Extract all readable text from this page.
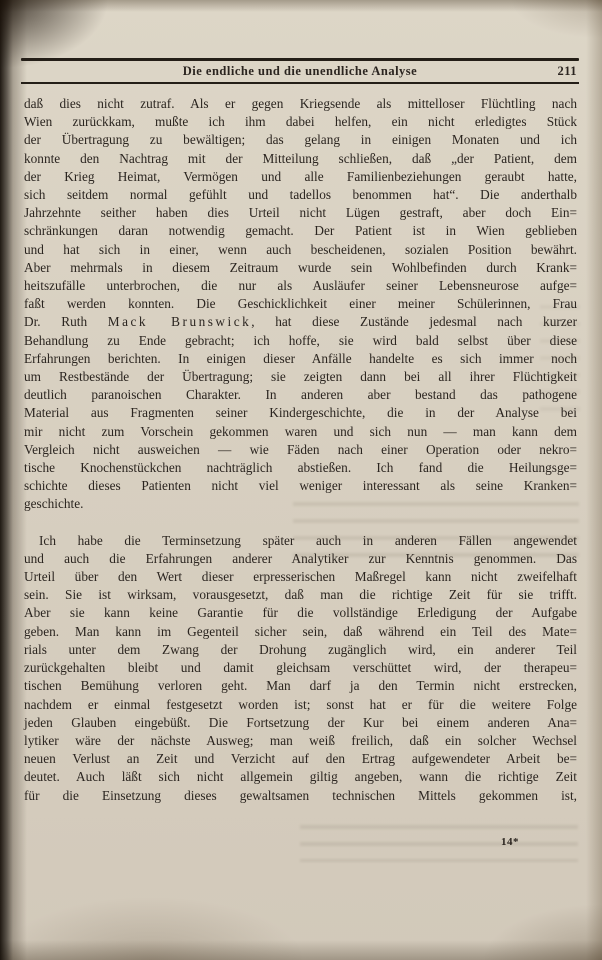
Die endliche und die unendliche Analyse	211
daß dies nicht zutraf. Als er gegen Kriegsende als mittelloser Flüchtling nach
Wien zurückkam, mußte ich ihm dabei helfen, ein nicht erledigtes Stück
der Übertragung zu bewältigen; das gelang in einigen Monaten und ich
konnte den Nachtrag mit der Mitteilung schließen, daß „der Patient, dem
der Krieg Heimat, Vermögen und alle Familienbeziehungen geraubt hatte,
sich seitdem normal gefühlt und tadellos benommen hat“. Die anderthalb
Jahrzehnte seither haben dies Urteil nicht Lügen gestraft, aber doch Ein=
schränkungen daran notwendig gemacht. Der Patient ist in Wien geblieben
und hat sich in einer, wenn auch bescheidenen, sozialen Position bewährt.
Aber mehrmals in diesem Zeitraum wurde sein Wohlbefinden durch Krank=
heitszufälle unterbrochen, die nur als Ausläufer seiner Lebensneurose aufge=
faßt werden konnten. Die Geschicklichkeit einer meiner Schülerinnen, Frau
Dr. Ruth Mack Brunswick, hat diese Zustände jedesmal nach kurzer
Behandlung zu Ende gebracht; ich hoffe, sie wird bald selbst über diese
Erfahrungen berichten. In einigen dieser Anfälle handelte es sich immer noch
um Restbestände der Übertragung; sie zeigten dann bei all ihrer Flüchtigkeit
deutlich paranoischen Charakter. In anderen aber bestand das pathogene
Material aus Fragmenten seiner Kindergeschichte, die in der Analyse bei
mir nicht zum Vorschein gekommen waren und sich nun — man kann dem
Vergleich nicht ausweichen — wie Fäden nach einer Operation oder nekro=
tische Knochenstückchen nachträglich abstießen. Ich fand die Heilungsge=
schichte dieses Patienten nicht viel weniger interessant als seine Kranken=
geschichte.
Ich habe die Terminsetzung später auch in anderen Fällen angewendet
und auch die Erfahrungen anderer Analytiker zur Kenntnis genommen. Das
Urteil über den Wert dieser erpresserischen Maßregel kann nicht zweifelhaft
sein. Sie ist wirksam, vorausgesetzt, daß man die richtige Zeit für sie trifft.
Aber sie kann keine Garantie für die vollständige Erledigung der Aufgabe
geben. Man kann im Gegenteil sicher sein, daß während ein Teil des Mate=
rials unter dem Zwang der Drohung zugänglich wird, ein anderer Teil
zurückgehalten bleibt und damit gleichsam verschüttet wird, der therapeu=
tischen Bemühung verloren geht. Man darf ja den Termin nicht erstrecken,
nachdem er einmal festgesetzt worden ist; sonst hat er für die weitere Folge
jeden Glauben eingebüßt. Die Fortsetzung der Kur bei einem anderen Ana=
lytiker wäre der nächste Ausweg; man weiß freilich, daß ein solcher Wechsel
neuen Verlust an Zeit und Verzicht auf den Ertrag aufgewendeter Arbeit be=
deutet. Auch läßt sich nicht allgemein giltig angeben, wann die richtige Zeit
für die Einsetzung dieses gewaltsamen technischen Mittels gekommen ist,
14*
